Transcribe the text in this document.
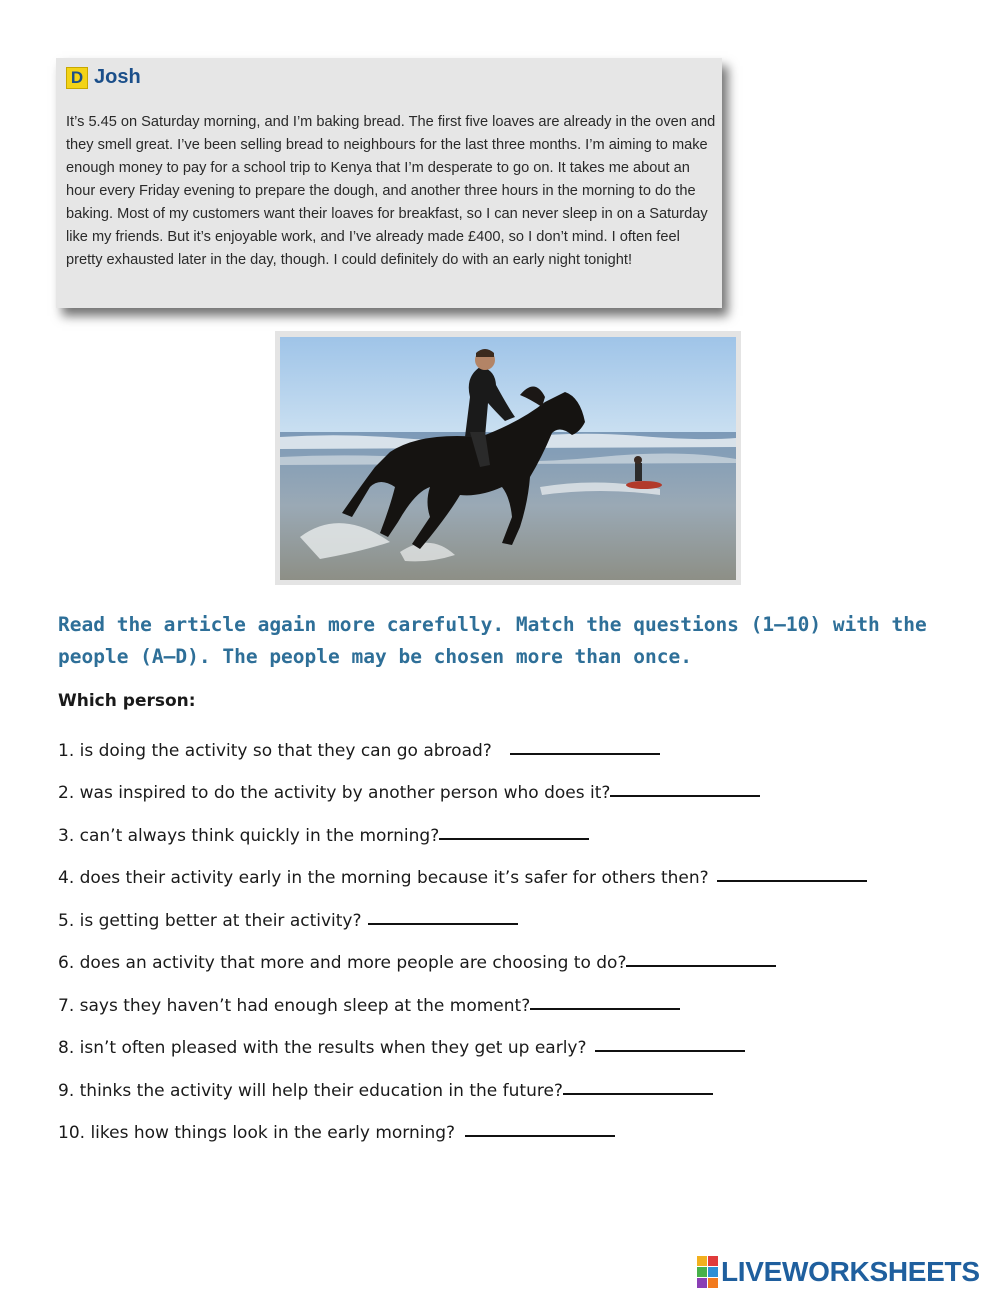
D Josh

It’s 5.45 on Saturday morning, and I’m baking bread. The first five loaves are already in the oven and they smell great. I’ve been selling bread to neighbours for the last three months. I’m aiming to make enough money to pay for a school trip to Kenya that I’m desperate to go on. It takes me about an hour every Friday evening to prepare the dough, and another three hours in the morning to do the baking. Most of my customers want their loaves for breakfast, so I can never sleep in on a Saturday like my friends. But it’s enjoyable work, and I’ve already made £400, so I don’t mind. I often feel pretty exhausted later in the day, though. I could definitely do with an early night tonight!

Read the article again more carefully. Match the questions (1–10) with the people (A–D). The people may be chosen more than once.

Which person:

1. is doing the activity so that they can go abroad?
2. was inspired to do the activity by another person who does it?
3. can’t always think quickly in the morning?
4. does their activity early in the morning because it’s safer for others then?
5. is getting better at their activity?
6. does an activity that more and more people are choosing to do?
7. says they haven’t had enough sleep at the moment?
8. isn’t often pleased with the results when they get up early?
9. thinks the activity will help their education in the future?
10. likes how things look in the early morning?
LIVEWORKSHEETS
